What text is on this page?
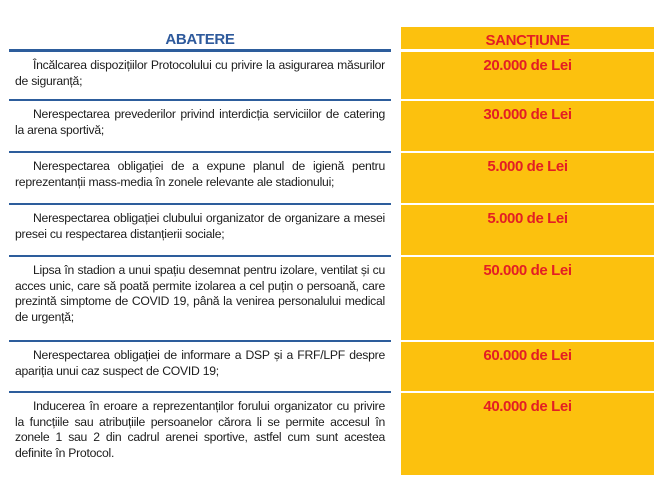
ABATERE	SANCȚIUNE
Încălcarea dispozițiilor Protocolului cu privire la asigurarea măsurilor de siguranță;
20.000 de Lei
Nerespectarea prevederilor privind interdicția serviciilor de catering la arena sportivă;
30.000 de Lei
Nerespectarea obligației de a expune planul de igienă pentru reprezentanții mass-media în zonele relevante ale stadionului;
5.000 de Lei
Nerespectarea obligației clubului organizator de organizare a mesei presei cu respectarea distanțierii sociale;
5.000 de Lei
Lipsa în stadion a unui spațiu desemnat pentru izolare, ventilat și cu acces unic, care să poată permite izolarea a cel puțin o persoană, care prezintă simptome de COVID 19, până la venirea personalului medical de urgență;
50.000 de Lei
Nerespectarea obligației de informare a DSP și a FRF/LPF despre apariția unui caz suspect de COVID 19;
60.000 de Lei
Inducerea în eroare a reprezentanților forului organizator cu privire la funcțiile sau atribuțiile persoanelor cărora li se permite accesul în zonele 1 sau 2 din cadrul arenei sportive, astfel cum sunt acestea definite în Protocol.
40.000 de Lei
